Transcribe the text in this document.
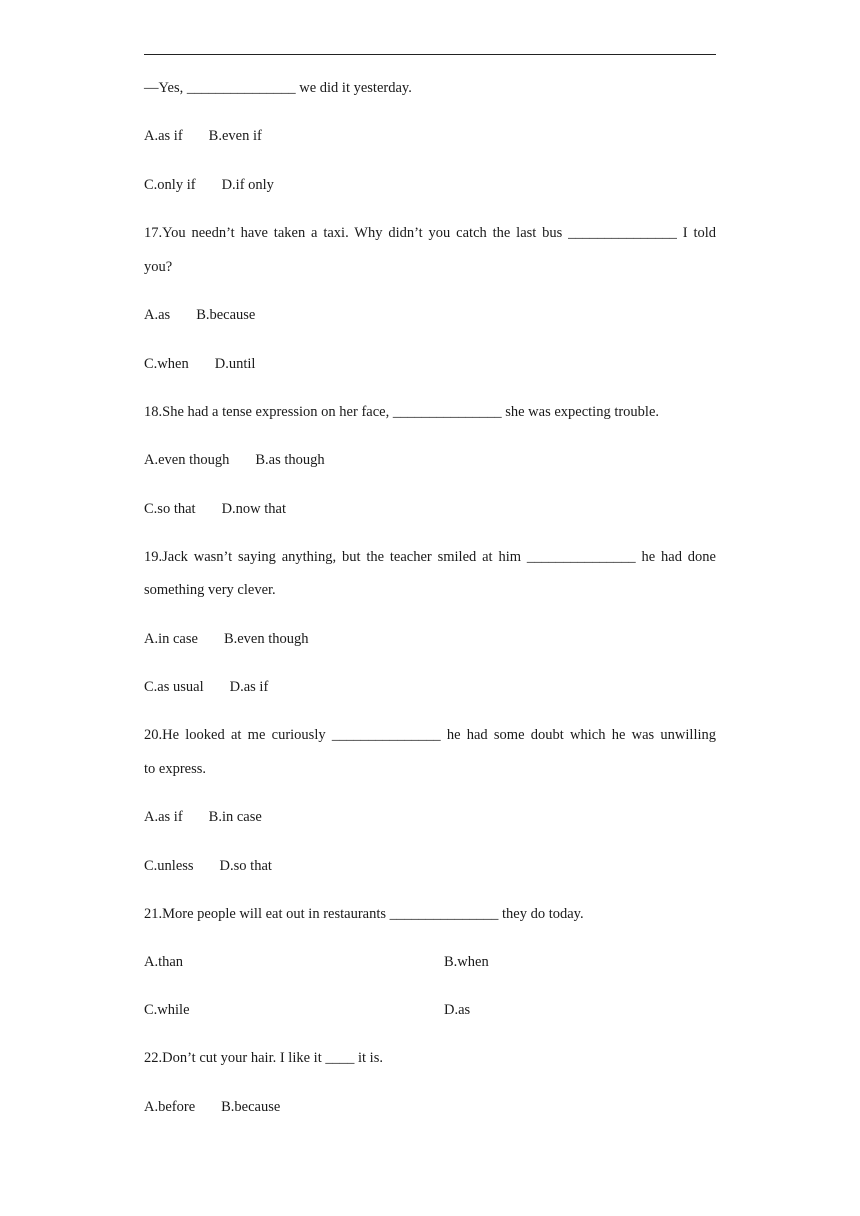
—Yes, _______________ we did it yesterday.
A.as if B.even if
C.only if D.if only
17.You needn’t have taken a taxi. Why didn’t you catch the last bus _______________ I told
you?
A.as B.because
C.when D.until
18.She had a tense expression on her face, _______________ she was expecting trouble.
A.even though B.as though
C.so that D.now that
19.Jack wasn’t saying anything, but the teacher smiled at him _______________ he had done
something very clever.
A.in case B.even though
C.as usual D.as if
20.He looked at me curiously _______________ he had some doubt which he was unwilling
to express.
A.as if B.in case
C.unless D.so that
21.More people will eat out in restaurants _______________ they do today.
A.than	B.when
C.while	D.as
22.Don’t cut your hair. I like it ____ it is.
A.before B.because
